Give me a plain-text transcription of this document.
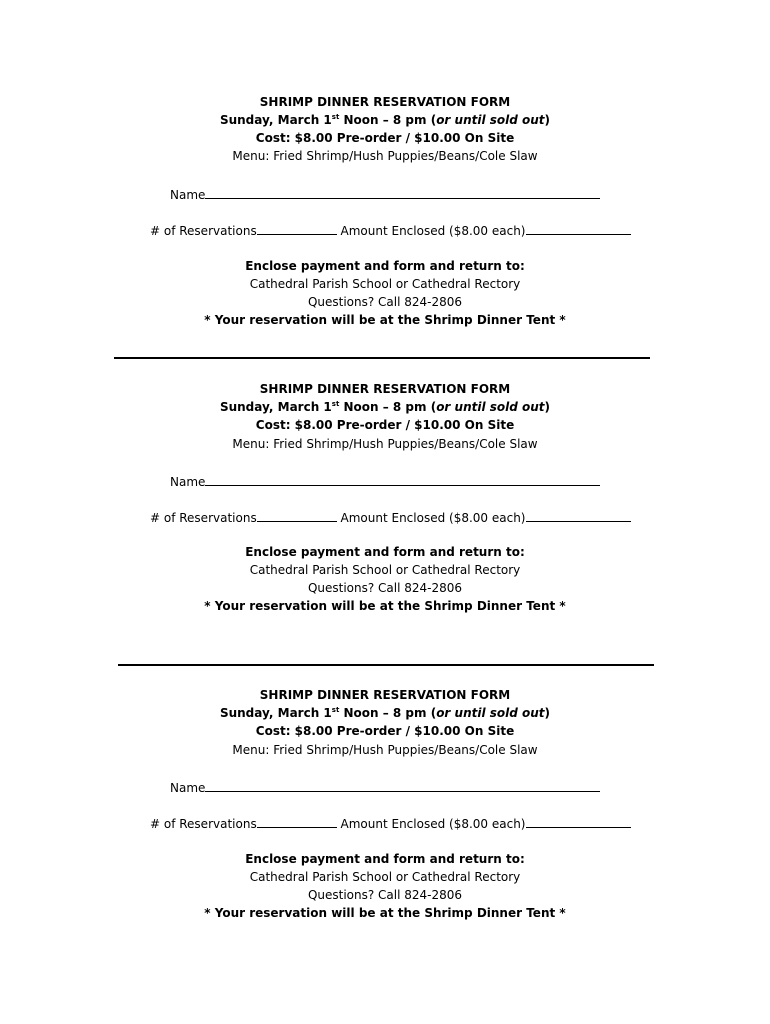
SHRIMP DINNER RESERVATION FORM
Sunday, March 1st Noon – 8 pm (or until sold out)
Cost: $8.00 Pre-order / $10.00 On Site
Menu: Fried Shrimp/Hush Puppies/Beans/Cole Slaw
Name
# of Reservations	Amount Enclosed ($8.00 each)
Enclose payment and form and return to:
Cathedral Parish School or Cathedral Rectory
Questions? Call 824-2806
* Your reservation will be at the Shrimp Dinner Tent *
SHRIMP DINNER RESERVATION FORM
Sunday, March 1st Noon – 8 pm (or until sold out)
Cost: $8.00 Pre-order / $10.00 On Site
Menu: Fried Shrimp/Hush Puppies/Beans/Cole Slaw
Name
# of Reservations	Amount Enclosed ($8.00 each)
Enclose payment and form and return to:
Cathedral Parish School or Cathedral Rectory
Questions? Call 824-2806
* Your reservation will be at the Shrimp Dinner Tent *
SHRIMP DINNER RESERVATION FORM
Sunday, March 1st Noon – 8 pm (or until sold out)
Cost: $8.00 Pre-order / $10.00 On Site
Menu: Fried Shrimp/Hush Puppies/Beans/Cole Slaw
Name
# of Reservations	Amount Enclosed ($8.00 each)
Enclose payment and form and return to:
Cathedral Parish School or Cathedral Rectory
Questions? Call 824-2806
* Your reservation will be at the Shrimp Dinner Tent *
